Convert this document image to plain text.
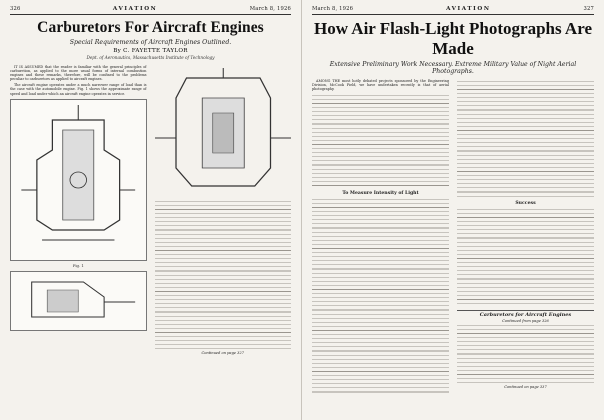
326	AVIATION	March 8, 1926
Carburetors For Aircraft Engines
Special Requirements of Aircraft Engines Outlined.
By C. FAYETTE TAYLOR
Dept. of Aeronautics, Massachusetts Institute of Technology

IT IS ASSUMED that the reader is familiar with the general principles of carburetion, as applied to the more usual forms of internal combustion engines and these remarks, therefore, will be confined to the problems peculiar to carburetors as applied to aircraft engines.

The aircraft engine operates under a much narrower range of load than is the case with the automobile engine. Fig. 1 shows the approximate range of speed and load under which an aircraft engine operates in service.

Fig. 1
Continued on page 327
March 8, 1926	AVIATION	327
How Air Flash-Light Photographs Are Made
Extensive Preliminary Work Necessary. Extreme Military Value of Night Aerial Photographs.

AMONG THE most hotly debated projects sponsored by the Engineering Division, McCook Field, we have undertaken recently is that of aerial photography.

To Measure Intensity of Light
Success
Carburetors for Aircraft Engines
Continued from page 326
Continued on page 337
